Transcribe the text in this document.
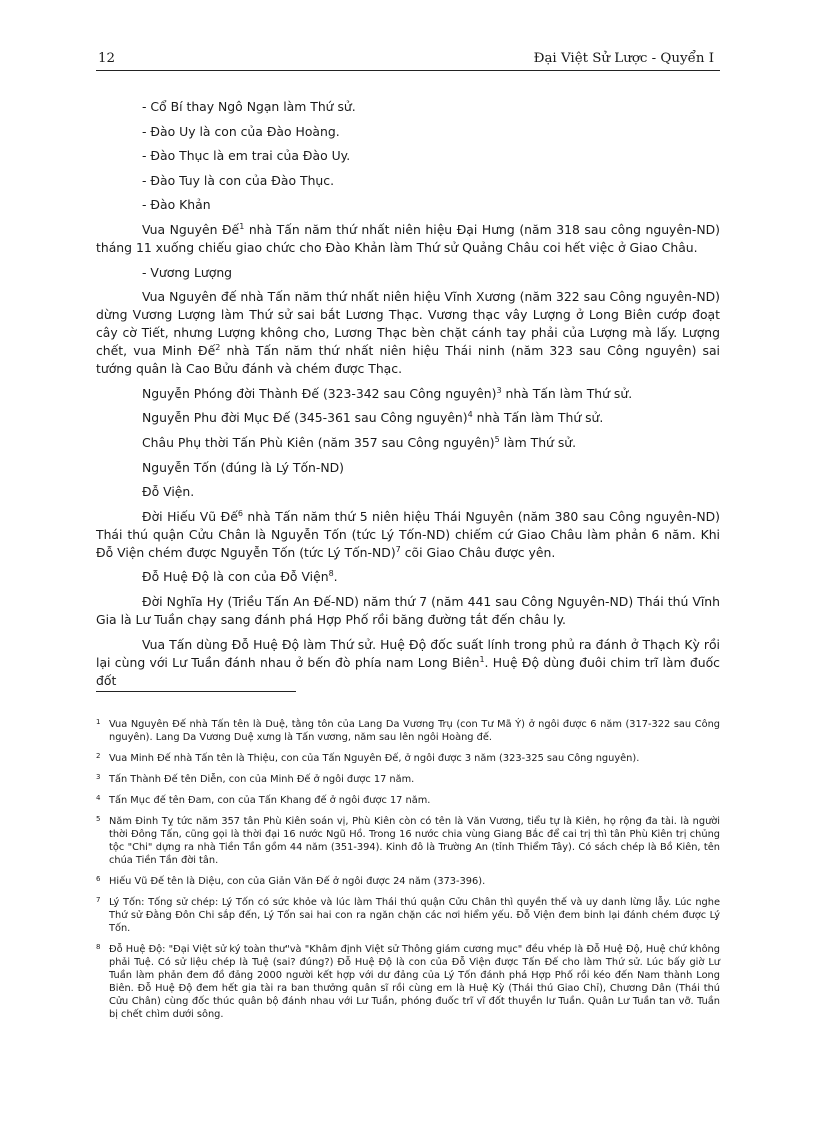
12	Đại Việt Sử Lược - Quyển I

- Cổ Bí thay Ngô Ngạn làm Thứ sử.

- Đào Uy là con của Đào Hoàng.

- Đào Thục là em trai của Đào Uy.

- Đào Tuy là con của Đào Thục.

- Đào Khản

Vua Nguyên Đế$^1$ nhà Tấn năm thứ nhất niên hiệu Đại Hưng (năm 318 sau công nguyên-ND) tháng 11 xuống chiếu giao chức cho Đào Khản làm Thứ sử Quảng Châu coi hết việc ở Giao Châu.

- Vương Lượng

Vua Nguyên đế nhà Tấn năm thứ nhất niên hiệu Vĩnh Xương (năm 322 sau Công nguyên-ND) dừng Vương Lượng làm Thứ sử sai bắt Lương Thạc. Vương thạc vây Lượng ở Long Biên cướp đoạt cây cờ Tiết, nhưng Lượng không cho, Lương Thạc bèn chặt cánh tay phải của Lượng mà lấy. Lượng chết, vua Minh Đế$^2$ nhà Tấn năm thứ nhất niên hiệu Thái ninh (năm 323 sau Công nguyên) sai tướng quân là Cao Bửu đánh và chém được Thạc.

Nguyễn Phóng đời Thành Đế (323-342 sau Công nguyên)$^3$ nhà Tấn làm Thứ sử.

Nguyễn Phu đời Mục Đế (345-361 sau Công nguyên)$^4$ nhà Tấn làm Thứ sử.

Châu Phụ thời Tấn Phù Kiên (năm 357 sau Công nguyên)$^5$ làm Thứ sử.

Nguyễn Tốn (đúng là Lý Tốn-ND)

Đỗ Viện.

Đời Hiếu Vũ Đế$^6$ nhà Tấn năm thứ 5 niên hiệu Thái Nguyên (năm 380 sau Công nguyên-ND) Thái thú quận Cửu Chân là Nguyễn Tốn (tức Lý Tốn-ND) chiếm cứ Giao Châu làm phản 6 năm. Khi Đỗ Viện chém được Nguyễn Tốn (tức Lý Tốn-ND)$^7$ cõi Giao Châu được yên.

Đỗ Huệ Độ là con của Đỗ Viện$^8$.

Đời Nghĩa Hy (Triều Tấn An Đế-ND) năm thứ 7 (năm 441 sau Công Nguyên-ND) Thái thú Vĩnh Gia là Lư Tuần chạy sang đánh phá Hợp Phố rồi băng đường tắt đến châu ly.

Vua Tấn dùng Đỗ Huệ Độ làm Thứ sử. Huệ Độ đốc suất lính trong phủ ra đánh ở Thạch Kỳ rồi lại cùng với Lư Tuần đánh nhau ở bến đò phía nam Long Biên$^1$. Huệ Độ dùng đuôi chim trĩ làm đuốc đốt

1 Vua Nguyên Đế nhà Tấn tên là Duệ, tằng tôn của Lang Da Vương Trụ (con Tư Mã Ý) ở ngôi được 6 năm (317-322 sau Công nguyên). Lang Da Vương Duệ xưng là Tấn vương, năm sau lên ngôi Hoàng đế.
2 Vua Minh Đế nhà Tấn tên là Thiệu, con của Tấn Nguyên Đế, ở ngôi được 3 năm (323-325 sau Công nguyên).
3 Tấn Thành Đế tên Diễn, con của Minh Đế ở ngôi được 17 năm.
4 Tấn Mục đế tên Đam, con của Tấn Khang đế ở ngôi được 17 năm.
5 Năm Đinh Tỵ tức năm 357 tân Phù Kiên soán vị, Phù Kiên còn có tên là Văn Vương, tiểu tự là Kiên, họ rộng đa tài. là người thời Đông Tấn, cũng gọi là thời đại 16 nước Ngũ Hồ. Trong 16 nước chia vùng Giang Bắc để cai trị thì tân Phù Kiên trị chủng tộc "Chi" dựng ra nhà Tiền Tần gồm 44 năm (351-394). Kinh đô là Trường An (tỉnh Thiểm Tây). Có sách chép là Bồ Kiên, tên chúa Tiền Tần đời tân.
6 Hiếu Vũ Đế tên là Diệu, con của Giản Văn Đế ở ngôi được 24 năm (373-396).
7 Lý Tốn: Tống sử chép: Lý Tốn có sức khỏe và lúc làm Thái thú quận Cửu Chân thì quyền thế và uy danh lừng lẫy. Lúc nghe Thứ sử Đằng Đôn Chi sắp đến, Lý Tốn sai hai con ra ngăn chặn các nơi hiểm yếu. Đỗ Viện đem binh lại đánh chém được Lý Tốn.
8 Đỗ Huệ Độ: "Đại Việt sử ký toàn thư"và "Khâm định Việt sử Thông giám cương mục" đều vhép là Đỗ Huệ Độ, Huệ chứ không phải Tuệ. Có sử liệu chép là Tuệ (sai? đúng?) Đỗ Huệ Độ là con của Đỗ Viện được Tấn Đế cho làm Thứ sử. Lúc bấy giờ Lư Tuần làm phản đem đồ đảng 2000 người kết hợp với dư đảng của Lý Tốn đánh phá Hợp Phố rồi kéo đến Nam thành Long Biên. Đỗ Huệ Độ đem hết gia tài ra ban thưởng quân sĩ rồi cùng em là Huệ Kỳ (Thái thú Giao Chỉ), Chương Dân (Thái thú Cửu Chân) cùng đốc thúc quân bộ đánh nhau với Lư Tuần, phóng đuốc trĩ vĩ đốt thuyền lư Tuần. Quân Lư Tuần tan vỡ. Tuần bị chết chìm dưới sông.
